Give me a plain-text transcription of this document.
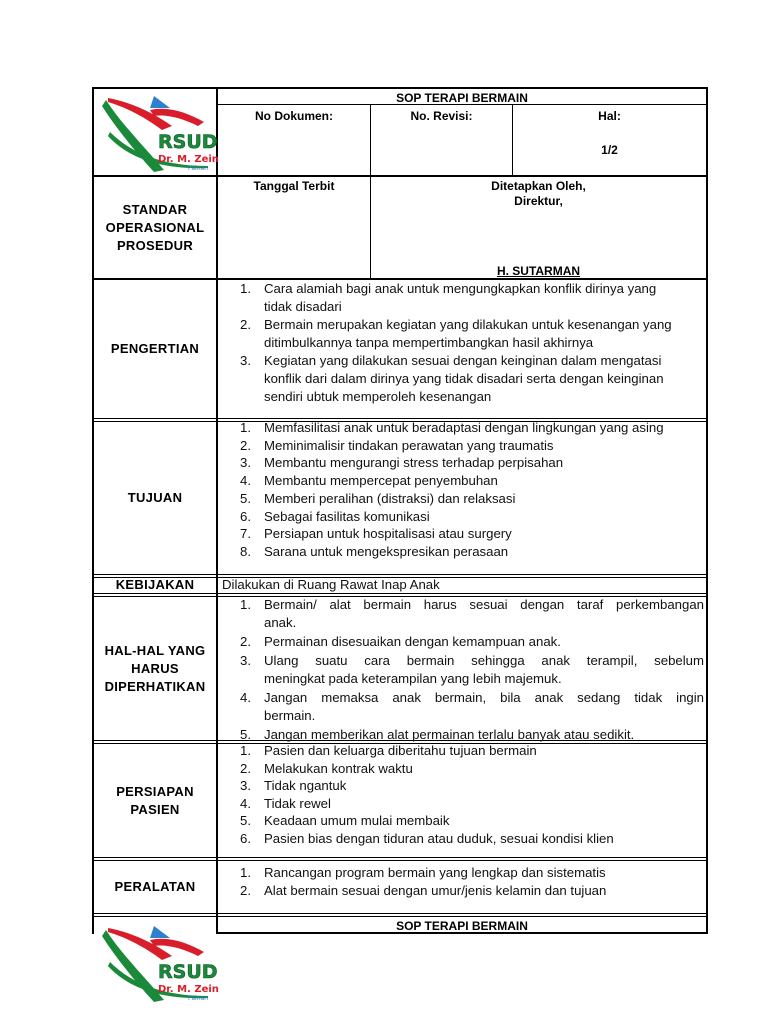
RSUD
Dr. M. Zein
Painan
SOP TERAPI BERMAIN
No Dokumen:	No. Revisi:	Hal:
1/2
STANDAR
OPERASIONAL
PROSEDUR
Tanggal Terbit	Ditetapkan Oleh,
Direktur,
H. SUTARMAN
PENGERTIAN
1. Cara alamiah bagi anak untuk mengungkapkan konflik dirinya yang
tidak disadari
2. Bermain merupakan kegiatan yang dilakukan untuk kesenangan yang
ditimbulkannya tanpa mempertimbangkan hasil akhirnya
3. Kegiatan yang dilakukan sesuai dengan keinginan dalam mengatasi
konflik dari dalam dirinya yang tidak disadari serta dengan keinginan
sendiri ubtuk memperoleh kesenangan
TUJUAN
1. Memfasilitasi anak untuk beradaptasi dengan lingkungan yang asing
2. Meminimalisir tindakan perawatan yang traumatis
3. Membantu mengurangi stress terhadap perpisahan
4. Membantu mempercepat penyembuhan
5. Memberi peralihan (distraksi) dan relaksasi
6. Sebagai fasilitas komunikasi
7. Persiapan untuk hospitalisasi atau surgery
8. Sarana untuk mengekspresikan perasaan
KEBIJAKAN	Dilakukan di Ruang Rawat Inap Anak
HAL-HAL YANG
HARUS
DIPERHATIKAN
1. Bermain/ alat bermain harus sesuai dengan taraf perkembangan
anak.
2. Permainan disesuaikan dengan kemampuan anak.
3. Ulang suatu cara bermain sehingga anak terampil, sebelum
meningkat pada keterampilan yang lebih majemuk.
4. Jangan memaksa anak bermain, bila anak sedang tidak ingin
bermain.
5. Jangan memberikan alat permainan terlalu banyak atau sedikit.
PERSIAPAN
PASIEN
1. Pasien dan keluarga diberitahu tujuan bermain
2. Melakukan kontrak waktu
3. Tidak ngantuk
4. Tidak rewel
5. Keadaan umum mulai membaik
6. Pasien bias dengan tiduran atau duduk, sesuai kondisi klien
PERALATAN
1. Rancangan program bermain yang lengkap dan sistematis
2. Alat bermain sesuai dengan umur/jenis kelamin dan tujuan
SOP TERAPI BERMAIN
RSUD
Dr. M. Zein
Painan
